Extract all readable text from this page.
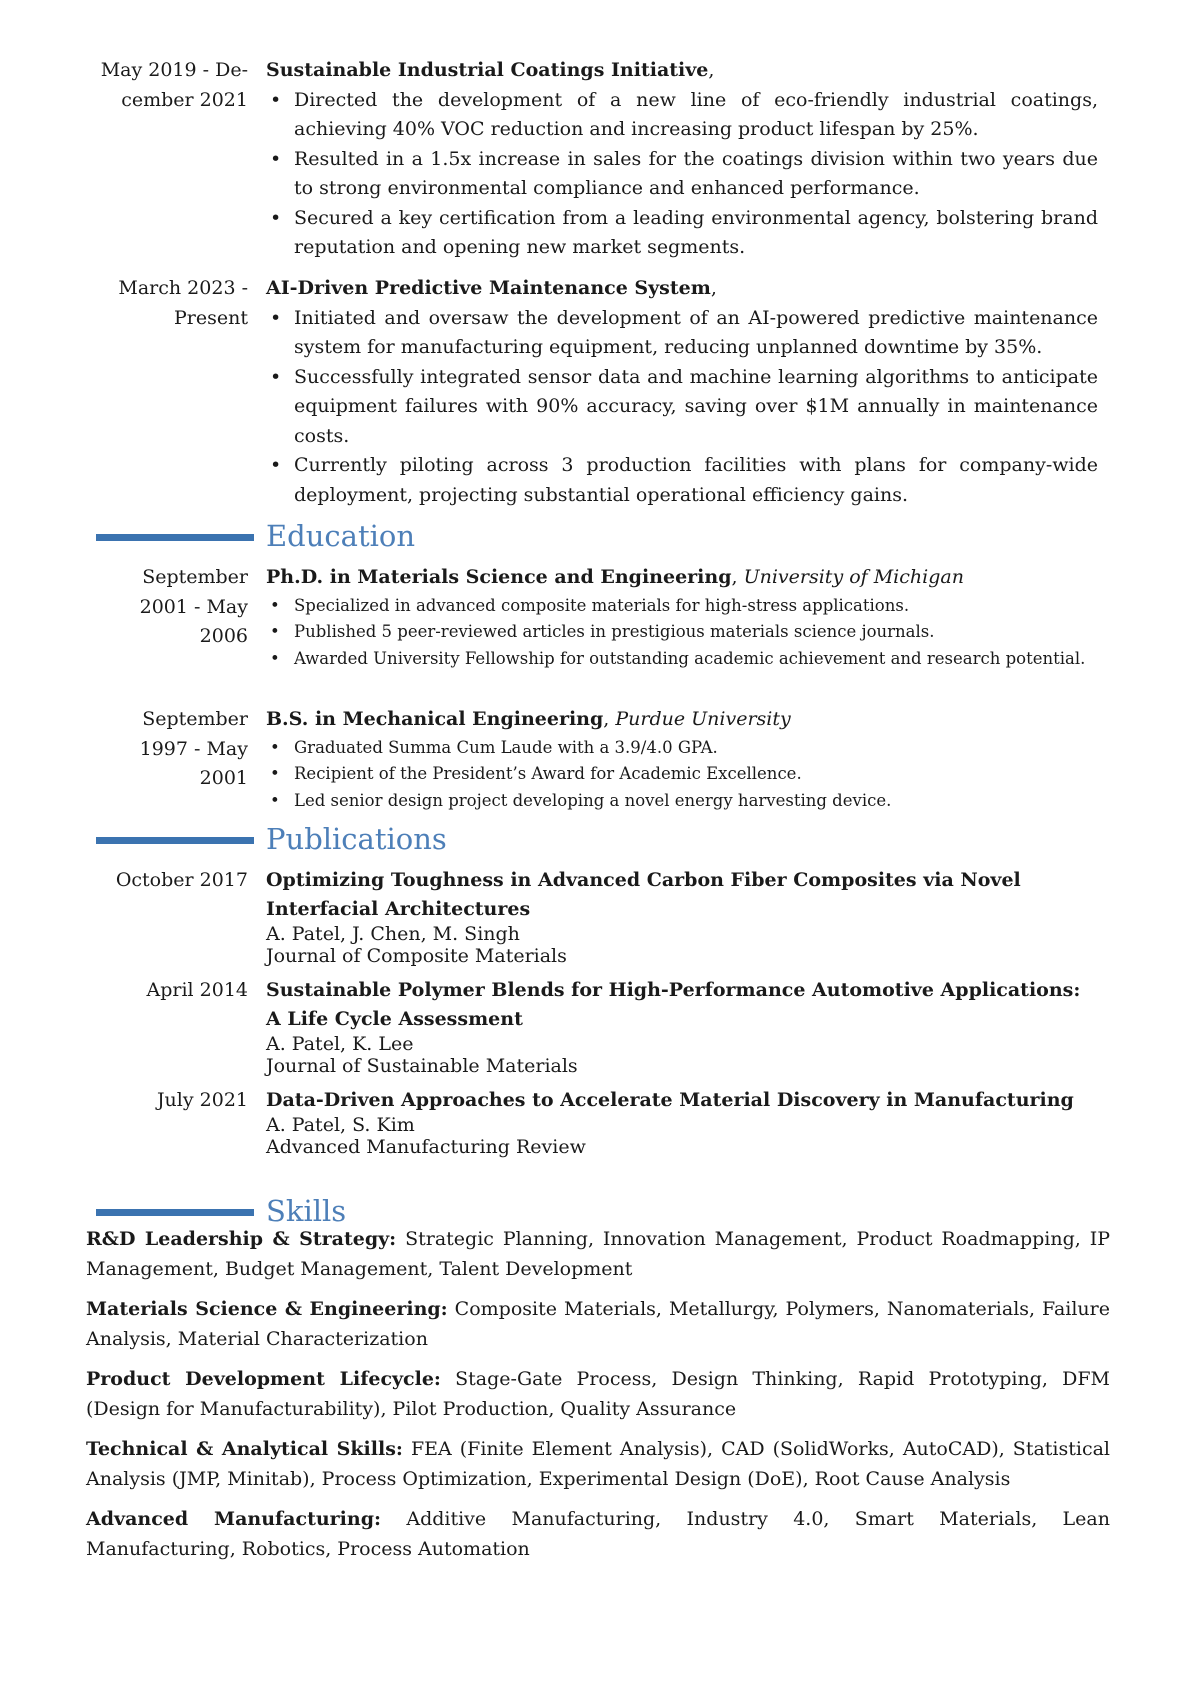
May 2019 - De-
cember 2021
Sustainable Industrial Coatings Initiative,
• Directed the development of a new line of eco-friendly industrial coatings, achieving 40% VOC reduction and increasing product lifespan by 25%.
• Resulted in a 1.5x increase in sales for the coatings division within two years due to strong environmental compliance and enhanced performance.
• Secured a key certification from a leading environmental agency, bolstering brand reputation and opening new market segments.
March 2023 -
Present
AI-Driven Predictive Maintenance System,
• Initiated and oversaw the development of an AI-powered predictive maintenance system for manufacturing equipment, reducing unplanned downtime by 35%.
• Successfully integrated sensor data and machine learning algorithms to anticipate equipment failures with 90% accuracy, saving over $1M annually in maintenance costs.
• Currently piloting across 3 production facilities with plans for company-wide deployment, projecting substantial operational efficiency gains.
Education
September
2001 - May
2006
Ph.D. in Materials Science and Engineering, University of Michigan
• Specialized in advanced composite materials for high-stress applications.
• Published 5 peer-reviewed articles in prestigious materials science journals.
• Awarded University Fellowship for outstanding academic achievement and research potential.
September
1997 - May
2001
B.S. in Mechanical Engineering, Purdue University
• Graduated Summa Cum Laude with a 3.9/4.0 GPA.
• Recipient of the President’s Award for Academic Excellence.
• Led senior design project developing a novel energy harvesting device.
Publications
October 2017 Optimizing Toughness in Advanced Carbon Fiber Composites via Novel Interfacial Architectures
A. Patel, J. Chen, M. Singh
Journal of Composite Materials
April 2014 Sustainable Polymer Blends for High-Performance Automotive Applications: A Life Cycle Assessment
A. Patel, K. Lee
Journal of Sustainable Materials
July 2021 Data-Driven Approaches to Accelerate Material Discovery in Manufacturing
A. Patel, S. Kim
Advanced Manufacturing Review
Skills
R&D Leadership & Strategy: Strategic Planning, Innovation Management, Product Roadmapping, IP Management, Budget Management, Talent Development
Materials Science & Engineering: Composite Materials, Metallurgy, Polymers, Nanomaterials, Failure Analysis, Material Characterization
Product Development Lifecycle: Stage-Gate Process, Design Thinking, Rapid Prototyping, DFM (Design for Manufacturability), Pilot Production, Quality Assurance
Technical & Analytical Skills: FEA (Finite Element Analysis), CAD (SolidWorks, AutoCAD), Statistical Analysis (JMP, Minitab), Process Optimization, Experimental Design (DoE), Root Cause Analysis
Advanced Manufacturing: Additive Manufacturing, Industry 4.0, Smart Materials, Lean Manufacturing, Robotics, Process Automation
